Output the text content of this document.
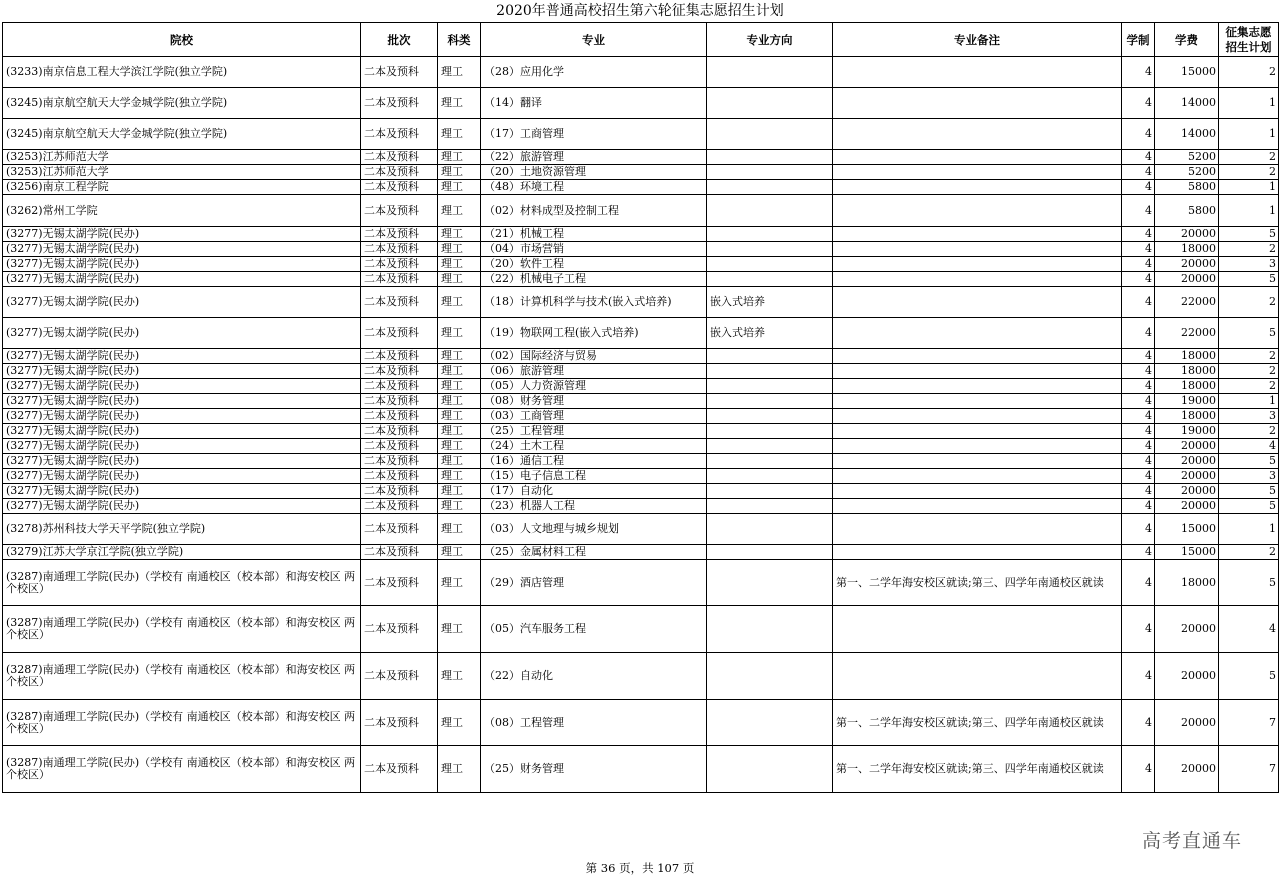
2020年普通高校招生第六轮征集志愿招生计划
院校	批次	科类	专业	专业方向	专业备注	学制	学费	征集志愿招生计划
(3233)南京信息工程大学滨江学院(独立学院)	二本及预科	理工	（28）应用化学			4	15000	2
(3245)南京航空航天大学金城学院(独立学院)	二本及预科	理工	（14）翻译			4	14000	1
(3245)南京航空航天大学金城学院(独立学院)	二本及预科	理工	（17）工商管理			4	14000	1
(3253)江苏师范大学	二本及预科	理工	（22）旅游管理			4	5200	2
(3253)江苏师范大学	二本及预科	理工	（20）土地资源管理			4	5200	2
(3256)南京工程学院	二本及预科	理工	（48）环境工程			4	5800	1
(3262)常州工学院	二本及预科	理工	（02）材料成型及控制工程			4	5800	1
(3277)无锡太湖学院(民办)	二本及预科	理工	（21）机械工程			4	20000	5
(3277)无锡太湖学院(民办)	二本及预科	理工	（04）市场营销			4	18000	2
(3277)无锡太湖学院(民办)	二本及预科	理工	（20）软件工程			4	20000	3
(3277)无锡太湖学院(民办)	二本及预科	理工	（22）机械电子工程			4	20000	5
(3277)无锡太湖学院(民办)	二本及预科	理工	（18）计算机科学与技术(嵌入式培养)	嵌入式培养		4	22000	2
(3277)无锡太湖学院(民办)	二本及预科	理工	（19）物联网工程(嵌入式培养)	嵌入式培养		4	22000	5
(3277)无锡太湖学院(民办)	二本及预科	理工	（02）国际经济与贸易			4	18000	2
(3277)无锡太湖学院(民办)	二本及预科	理工	（06）旅游管理			4	18000	2
(3277)无锡太湖学院(民办)	二本及预科	理工	（05）人力资源管理			4	18000	2
(3277)无锡太湖学院(民办)	二本及预科	理工	（08）财务管理			4	19000	1
(3277)无锡太湖学院(民办)	二本及预科	理工	（03）工商管理			4	18000	3
(3277)无锡太湖学院(民办)	二本及预科	理工	（25）工程管理			4	19000	2
(3277)无锡太湖学院(民办)	二本及预科	理工	（24）土木工程			4	20000	4
(3277)无锡太湖学院(民办)	二本及预科	理工	（16）通信工程			4	20000	5
(3277)无锡太湖学院(民办)	二本及预科	理工	（15）电子信息工程			4	20000	3
(3277)无锡太湖学院(民办)	二本及预科	理工	（17）自动化			4	20000	5
(3277)无锡太湖学院(民办)	二本及预科	理工	（23）机器人工程			4	20000	5
(3278)苏州科技大学天平学院(独立学院)	二本及预科	理工	（03）人文地理与城乡规划			4	15000	1
(3279)江苏大学京江学院(独立学院)	二本及预科	理工	（25）金属材料工程			4	15000	2
(3287)南通理工学院(民办)（学校有 南通校区（校本部）和海安校区 两个校区）	二本及预科	理工	（29）酒店管理		第一、二学年海安校区就读;第三、四学年南通校区就读	4	18000	5
(3287)南通理工学院(民办)（学校有 南通校区（校本部）和海安校区 两个校区）	二本及预科	理工	（05）汽车服务工程			4	20000	4
(3287)南通理工学院(民办)（学校有 南通校区（校本部）和海安校区 两个校区）	二本及预科	理工	（22）自动化			4	20000	5
(3287)南通理工学院(民办)（学校有 南通校区（校本部）和海安校区 两个校区）	二本及预科	理工	（08）工程管理		第一、二学年海安校区就读;第三、四学年南通校区就读	4	20000	7
(3287)南通理工学院(民办)（学校有 南通校区（校本部）和海安校区 两个校区）	二本及预科	理工	（25）财务管理		第一、二学年海安校区就读;第三、四学年南通校区就读	4	20000	7
高考直通车
第 36 页，共 107 页
